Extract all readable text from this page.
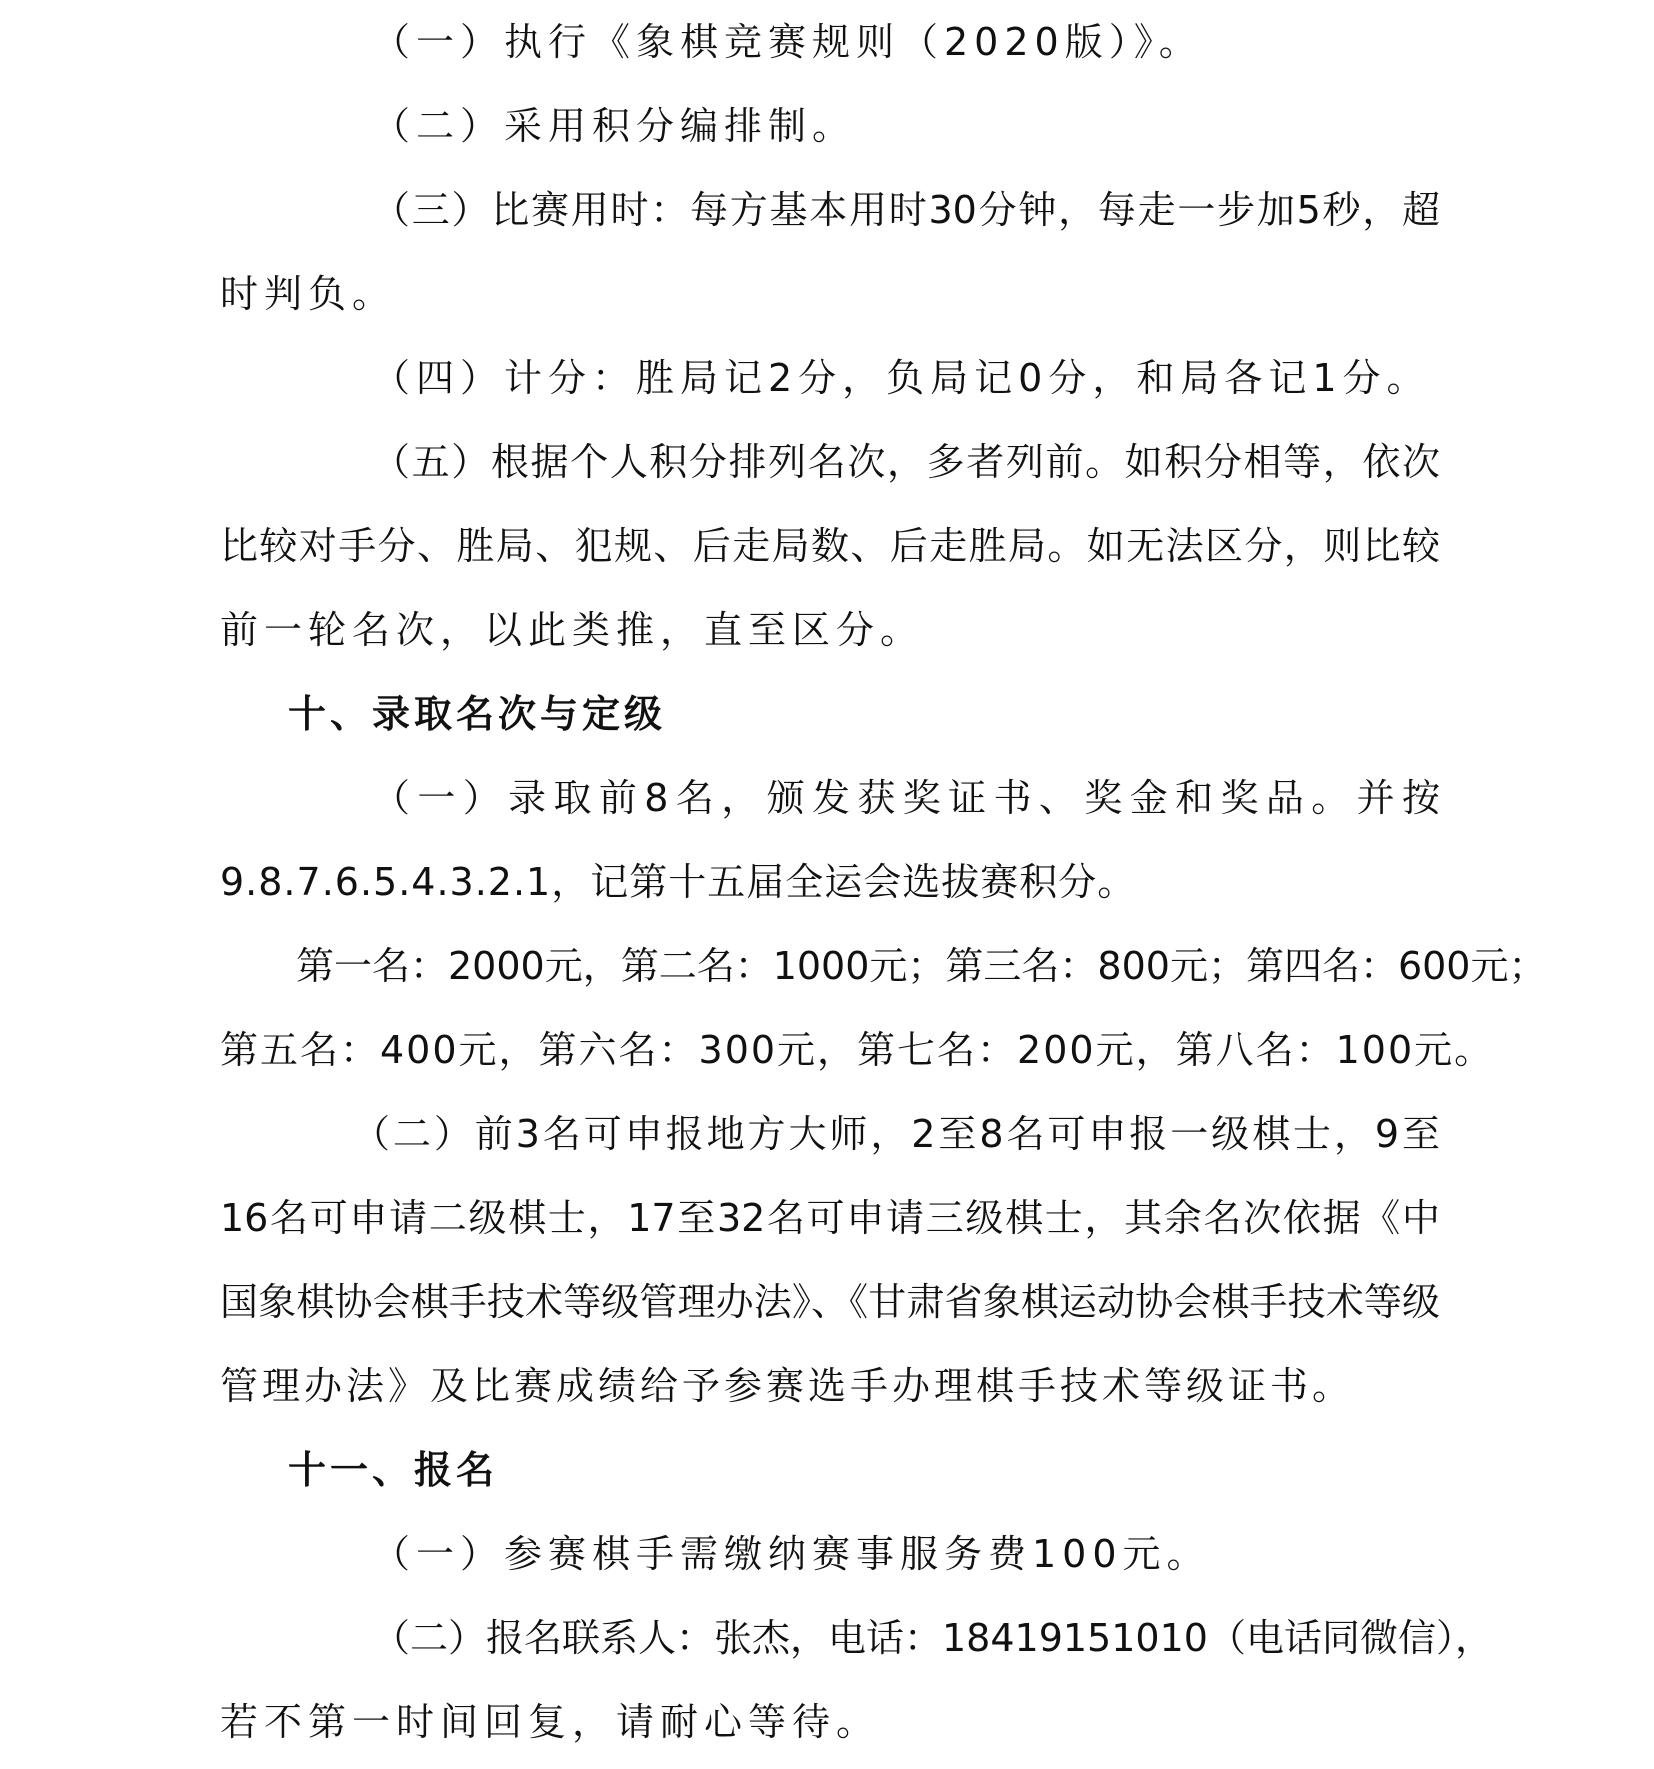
（一）执行《象棋竞赛规则（2020版）》。
（二）采用积分编排制。
（三）比赛用时：每方基本用时30分钟，每走一步加5秒，超
时判负。
（四）计分：胜局记2分，负局记0分，和局各记1分。
（五）根据个人积分排列名次，多者列前。如积分相等，依次
比较对手分、胜局、犯规、后走局数、后走胜局。如无法区分，则比较
前一轮名次，以此类推，直至区分。
十、录取名次与定级
（一）录取前8名，颁发获奖证书、奖金和奖品。并按
9.8.7.6.5.4.3.2.1，记第十五届全运会选拔赛积分。
第一名：2000元，第二名：1000元；第三名：800元；第四名：600元；
第五名：400元，第六名：300元，第七名：200元，第八名：100元。
（二）前3名可申报地方大师，2至8名可申报一级棋士，9至
16名可申请二级棋士，17至32名可申请三级棋士，其余名次依据《中
国象棋协会棋手技术等级管理办法》、《甘肃省象棋运动协会棋手技术等级
管理办法》及比赛成绩给予参赛选手办理棋手技术等级证书。
十一、报名
（一）参赛棋手需缴纳赛事服务费100元。
（二）报名联系人：张杰，电话：18419151010（电话同微信），
若不第一时间回复，请耐心等待。
